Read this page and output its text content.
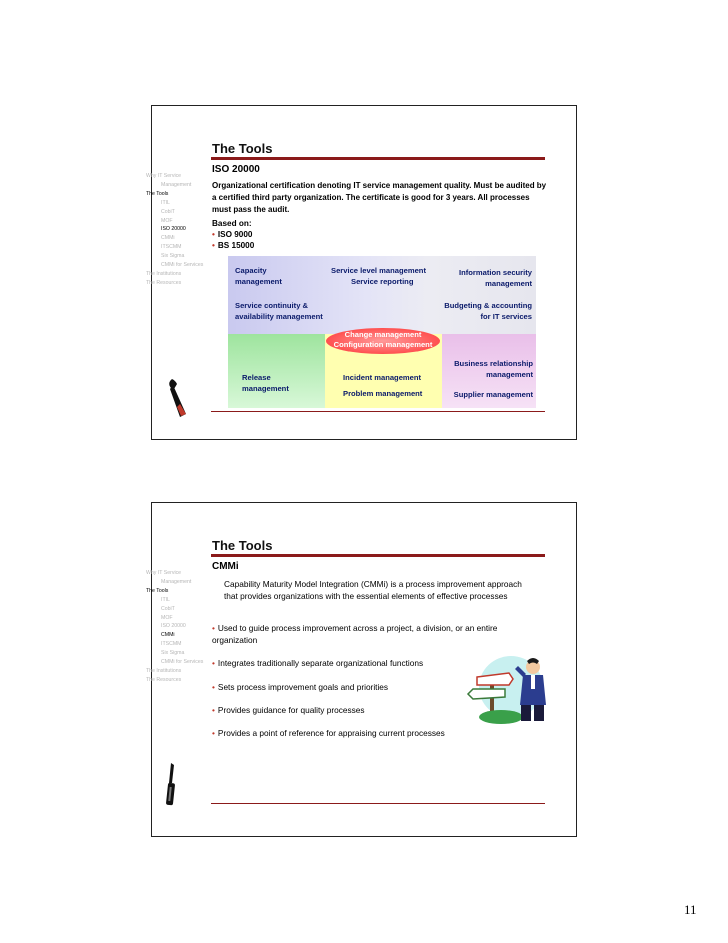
The Tools
ISO 20000
Why IT Service
Management
The Tools
ITIL
CobiT
MOF
ISO 20000
CMMi
ITSCMM
Six Sigma
CMMi for Services
The Institutions
The Resources
Organizational certification denoting IT service management quality. Must be audited by a certified third party organization. The certificate is good for 3 years. All processes must pass the audit.
Based on:
• ISO 9000
• BS 15000
Capacity
management
Service level management
Service reporting
Information security
management
Service continuity &
availability management
Budgeting & accounting
for IT services
Change management
Configuration management
Release
management
Incident management
Problem management
Business relationship
management
Supplier management
The Tools
CMMi
Why IT Service
Management
The Tools
ITIL
CobiT
MOF
ISO 20000
CMMi
ITSCMM
Six Sigma
CMMi for Services
The Institutions
The Resources
Capability Maturity Model Integration (CMMi) is a process improvement approach that provides organizations with the essential elements of effective processes
• Used to guide process improvement across a project, a division, or an entire organization
• Integrates traditionally separate organizational functions
• Sets process improvement goals and priorities
• Provides guidance for quality processes
• Provides a point of reference for appraising current processes
11
